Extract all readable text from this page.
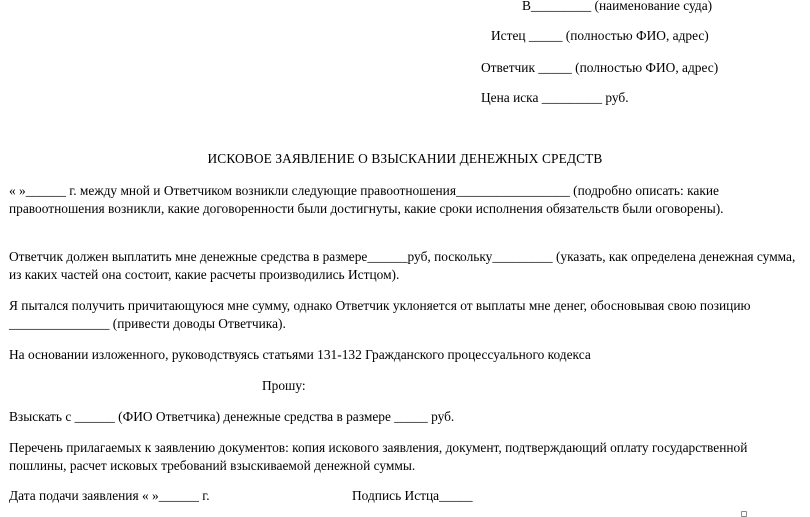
В_________ (наименование суда)
Истец _____ (полностью ФИО, адрес)
Ответчик _____ (полностью ФИО, адрес)
Цена иска _________ руб.
ИСКОВОЕ ЗАЯВЛЕНИЕ О ВЗЫСКАНИИ ДЕНЕЖНЫХ СРЕДСТВ
« »______ г. между мной и Ответчиком возникли следующие правоотношения_________________ (подробно описать: какие правоотношения возникли, какие договоренности были достигнуты, какие сроки исполнения обязательств были оговорены).
Ответчик должен выплатить мне денежные средства в размере______руб, поскольку_________ (указать, как определена денежная сумма, из каких частей она состоит, какие расчеты производились Истцом).
Я пытался получить причитающуюся мне сумму, однако Ответчик уклоняется от выплаты мне денег, обосновывая свою позицию _______________ (привести доводы Ответчика).
На основании изложенного, руководствуясь статьями 131-132 Гражданского процессуального кодекса
Прошу:
Взыскать с ______ (ФИО Ответчика) денежные средства в размере _____ руб.
Перечень прилагаемых к заявлению документов: копия искового заявления, документ, подтверждающий оплату государственной пошлины, расчет исковых требований взыскиваемой денежной суммы.
Дата подачи заявления « »______ г.	Подпись Истца_____
